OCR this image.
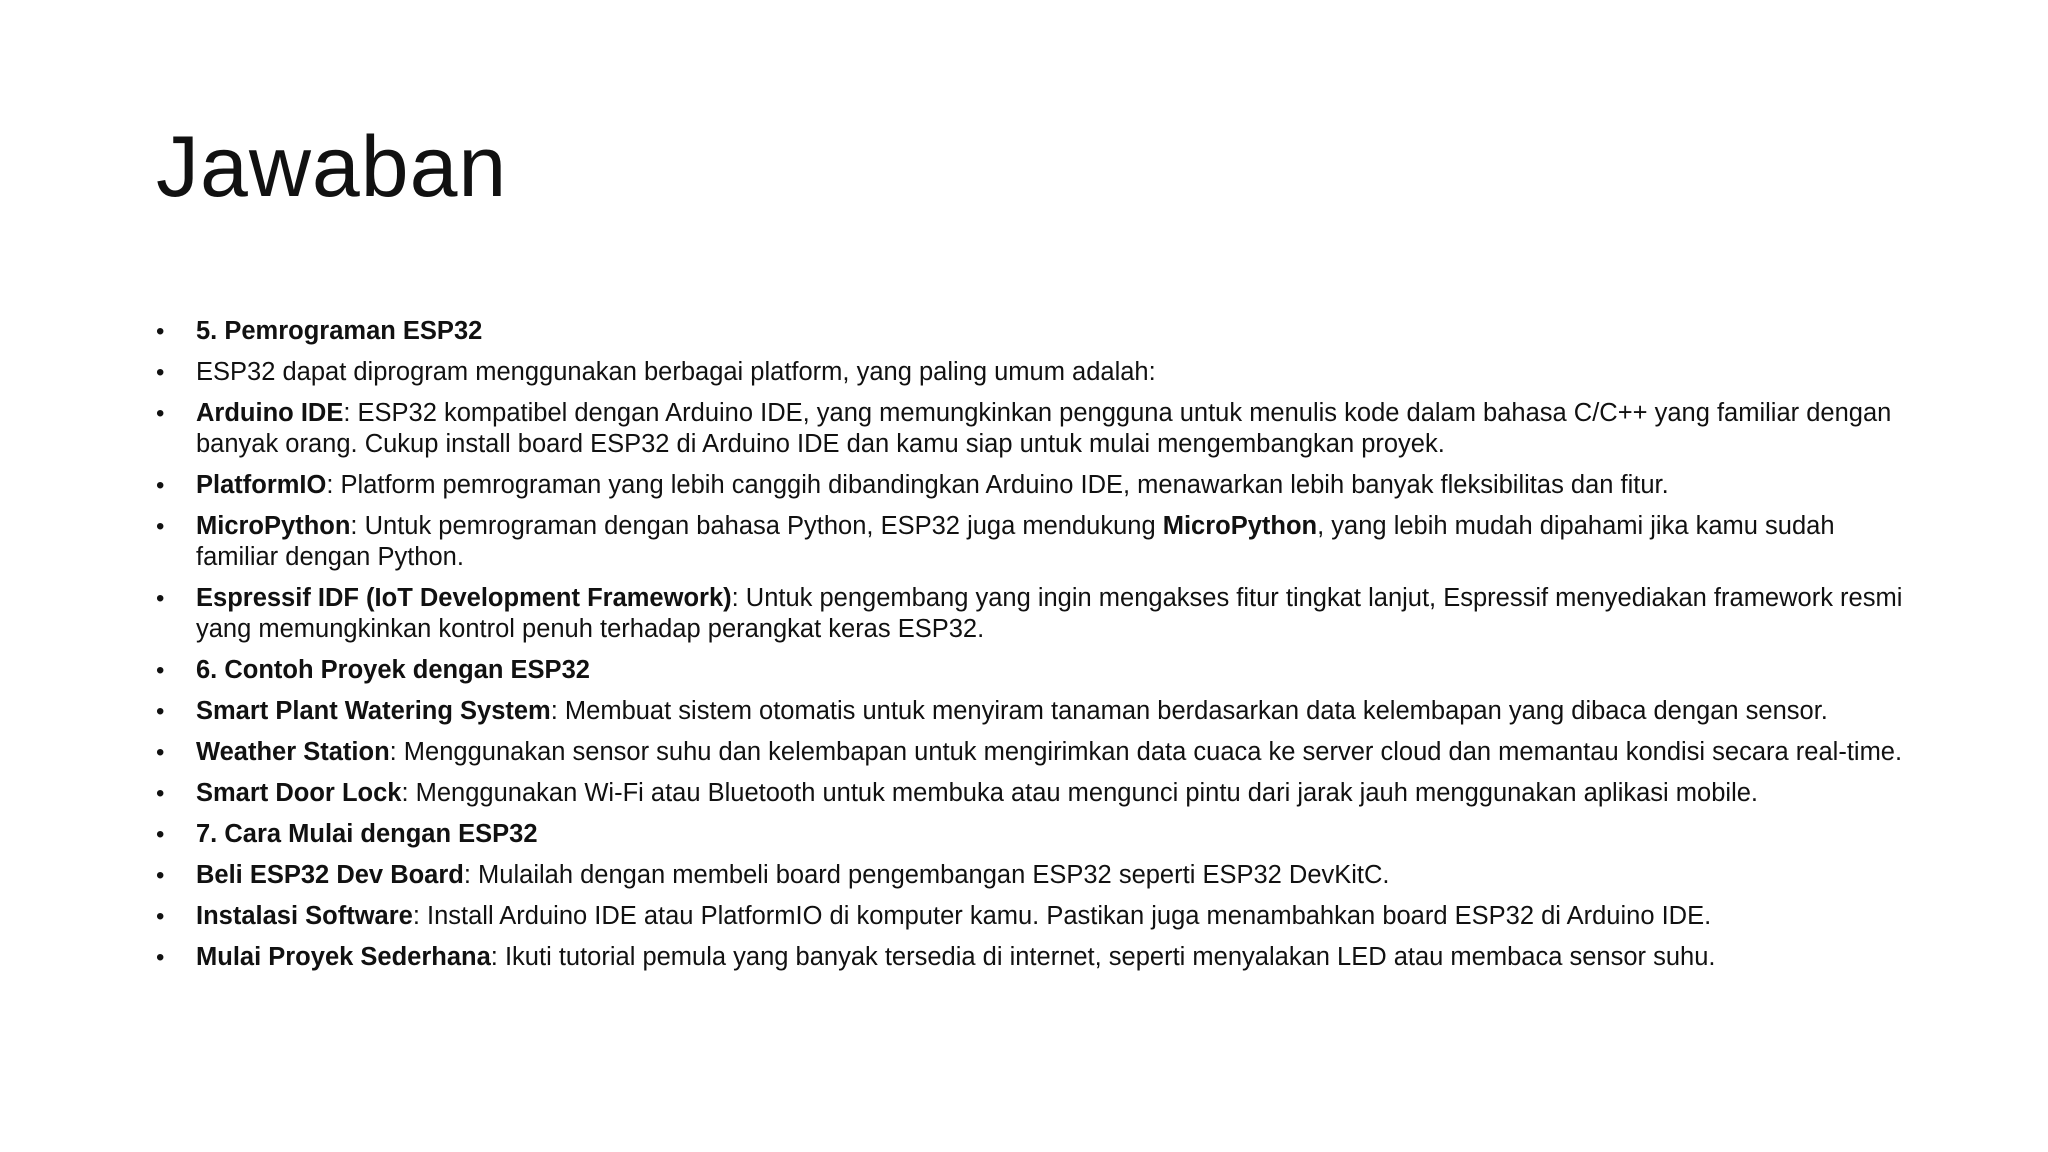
Jawaban
•	5. Pemrograman ESP32
•	ESP32 dapat diprogram menggunakan berbagai platform, yang paling umum adalah:
•	Arduino IDE: ESP32 kompatibel dengan Arduino IDE, yang memungkinkan pengguna untuk menulis kode dalam bahasa C/C++ yang familiar dengan banyak orang. Cukup install board ESP32 di Arduino IDE dan kamu siap untuk mulai mengembangkan proyek.
•	PlatformIO: Platform pemrograman yang lebih canggih dibandingkan Arduino IDE, menawarkan lebih banyak fleksibilitas dan fitur.
•	MicroPython: Untuk pemrograman dengan bahasa Python, ESP32 juga mendukung MicroPython, yang lebih mudah dipahami jika kamu sudah familiar dengan Python.
•	Espressif IDF (IoT Development Framework): Untuk pengembang yang ingin mengakses fitur tingkat lanjut, Espressif menyediakan framework resmi yang memungkinkan kontrol penuh terhadap perangkat keras ESP32.
•	6. Contoh Proyek dengan ESP32
•	Smart Plant Watering System: Membuat sistem otomatis untuk menyiram tanaman berdasarkan data kelembapan yang dibaca dengan sensor.
•	Weather Station: Menggunakan sensor suhu dan kelembapan untuk mengirimkan data cuaca ke server cloud dan memantau kondisi secara real-time.
•	Smart Door Lock: Menggunakan Wi-Fi atau Bluetooth untuk membuka atau mengunci pintu dari jarak jauh menggunakan aplikasi mobile.
•	7. Cara Mulai dengan ESP32
•	Beli ESP32 Dev Board: Mulailah dengan membeli board pengembangan ESP32 seperti ESP32 DevKitC.
•	Instalasi Software: Install Arduino IDE atau PlatformIO di komputer kamu. Pastikan juga menambahkan board ESP32 di Arduino IDE.
•	Mulai Proyek Sederhana: Ikuti tutorial pemula yang banyak tersedia di internet, seperti menyalakan LED atau membaca sensor suhu.
